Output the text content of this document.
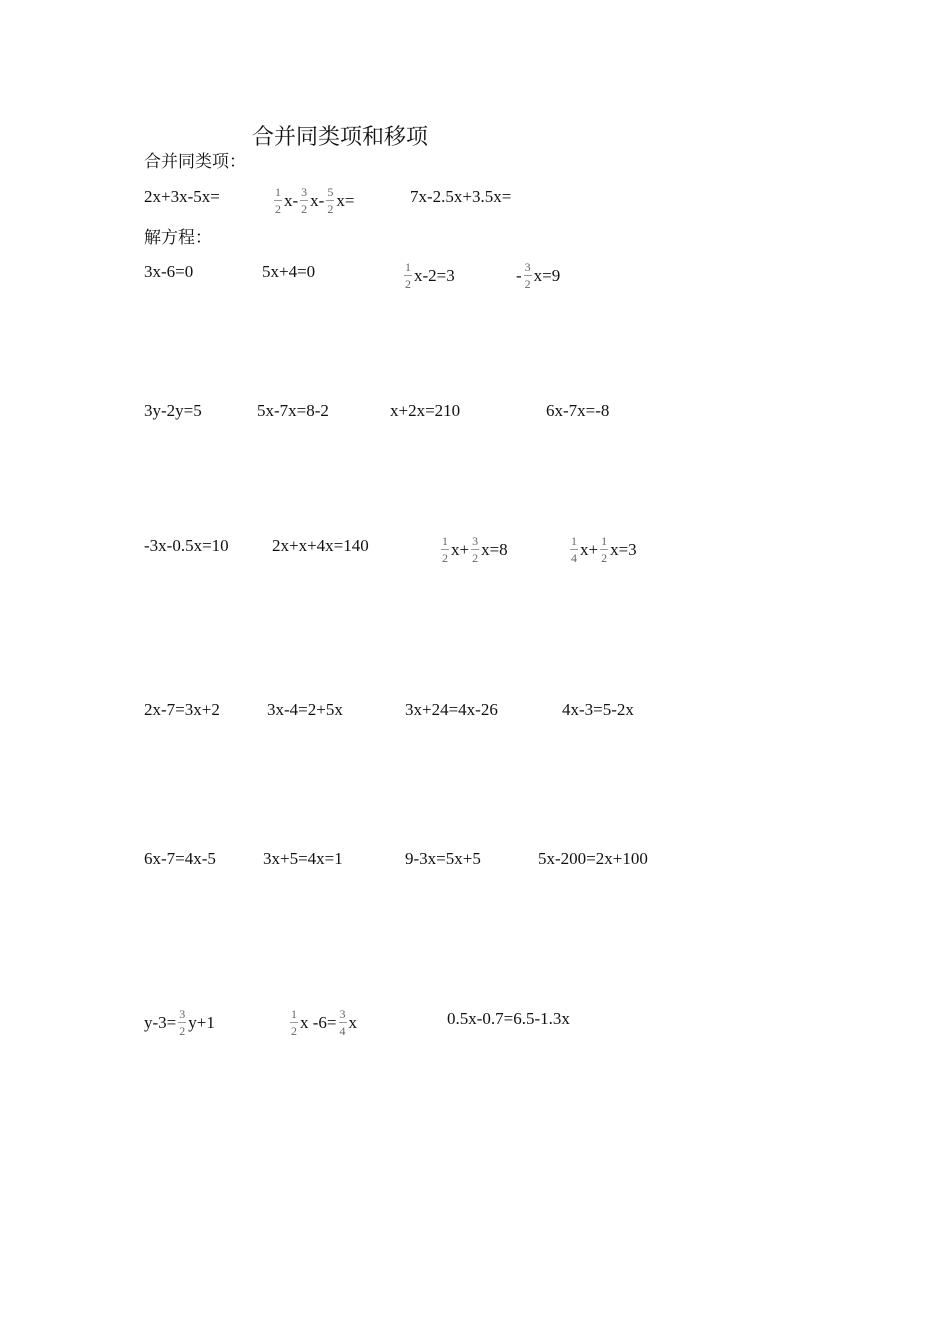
合并同类项和移项
合并同类项：
2x+3x-5x=	$\frac{1}{2} x- \frac{3}{2} x- \frac{5}{2} x=$	7x-2.5x+3.5x=
解方程：
3x-6=0	5x+4=0	$\frac{1}{2} x-2=3$	- $\frac{3}{2} x=9$
3y-2y=5	5x-7x=8-2	x+2x=210	6x-7x=-8
-3x-0.5x=10	2x+x+4x=140	$\frac{1}{2} x+ \frac{3}{2} x=8$	$\frac{1}{4} x+ \frac{1}{2} x=3$
2x-7=3x+2	3x-4=2+5x	3x+24=4x-26	4x-3=5-2x
6x-7=4x-5	3x+5=4x=1	9-3x=5x+5	5x-200=2x+100
$y-3= \frac{3}{2} y+1$	$\frac{1}{2}$ x $-6= \frac{3}{4}$ x	0.5x-0.7=6.5-1.3x
